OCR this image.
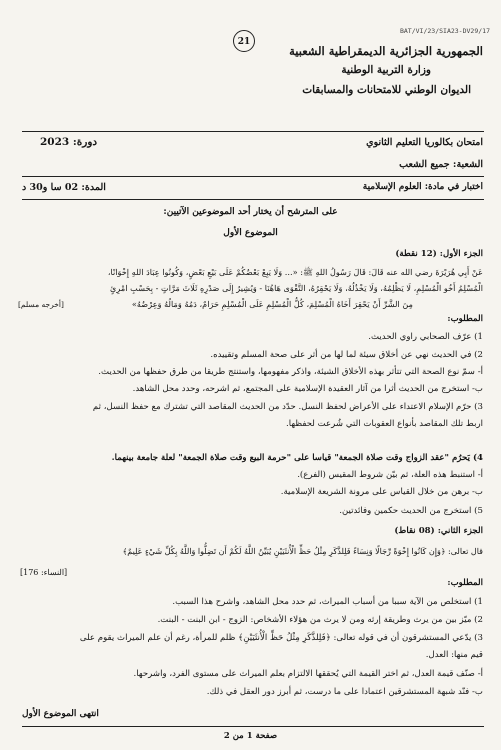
21
BAT/VI/23/SIA23-DV29/17
الجمهورية الجزائرية الديمقراطية الشعبية
وزارة التربية الوطنية
الديوان الوطني للامتحانات والمسابقات
امتحان بكالوريا التعليم الثانوي
دورة: 2023
الشعبة: جميع الشعب
اختبار في مادة: العلوم الإسلامية
المدة: 02 سا و30 د
على المترشح أن يختار أحد الموضوعين الآتيين:
الموضوع الأول
الجزء الأول: (12 نقطة)
عَنْ أَبِي هُرَيْرَةَ رضي الله عنه قَالَ: قَالَ رَسُولُ اللهِ ﷺ: «... وَلَا يَبِعْ بَعْضُكُمْ عَلَى بَيْعِ بَعْضٍ، وَكُونُوا عِبَادَ اللهِ إِخْوَانًا،
الْمُسْلِمُ أَخُو الْمُسْلِمِ، لَا يَظْلِمُهُ، وَلَا يَخْذُلُهُ، وَلَا يَحْقِرُهُ، التَّقْوَى هَاهُنَا - وَيُشِيرُ إِلَى صَدْرِهِ ثَلَاثَ مَرَّاتٍ - بِحَسْبِ امْرِئٍ
مِنَ الشَّرِّ أَنْ يَحْقِرَ أَخَاهُ الْمُسْلِمَ، كُلُّ الْمُسْلِمِ عَلَى الْمُسْلِمِ حَرَامٌ، دَمُهُ وَمَالُهُ وَعِرْضُهُ»
[أخرجه مسلم]
المطلوب:
1) عرّف الصحابي راوي الحديث.
2) في الحديث نهي عن أخلاق سيئة لما لها من أثر على صحة المسلم وتقييده.
أ- سمّ نوع الصحة التي تتأثر بهذه الأخلاق الشيئة، واذكر مفهومها، واستنتج طريقا من طرق حفظها من الحديث.
ب- استخرج من الحديث أثرا من آثار العقيدة الإسلامية على المجتمع، ثم اشرحه، وحدد محل الشاهد.
3) حرّم الإسلام الاعتداء على الأعراض لحفظ النسل. حدّد من الحديث المقاصد التي تشترك مع حفظ النسل، ثم
اربط تلك المقاصد بأنواع العقوبات التي شُرعت لحفظها.
4) يَحرُم "عقد الزواج وقت صلاة الجمعة" قياسا على "حرمة البيع وقت صلاة الجمعة" لعلة جامعة بينهما.
أ- استنبط هذه العلة، ثم بيّن شروط المقيس (الفرع).
ب- برهن من خلال القياس على مرونة الشريعة الإسلامية.
5) استخرج من الحديث حكمين وفائدتين.
الجزء الثاني: (08 نقاط)
قال تعالى: ﴿وَإِن كَانُوا إِخْوَةً رِّجَالًا وَنِسَاءً فَلِلذَّكَرِ مِثْلُ حَظِّ الْأُنثَيَيْنِ يُبَيِّنُ اللَّهُ لَكُمْ أَن تَضِلُّوا وَاللَّهُ بِكُلِّ شَيْءٍ عَلِيمٌ﴾
[النساء: 176]
المطلوب:
1) استخلص من الآية سببا من أسباب الميراث، ثم حدد محل الشاهد، واشرح هذا السبب.
2) ميّز بين من يرث وطريقة إرثه ومن لا يرث من هؤلاء الأشخاص: الزوج - ابن البنت - البنت.
3) يدّعي المستشرقون أن في قوله تعالى: ﴿فَلِلذَّكَرِ مِثْلُ حَظِّ الْأُنثَيَيْنِ﴾ ظلم للمرأة، رغم أن علم الميراث يقوم على
قيم منها: العدل.
أ- صنّف قيمة العدل، ثم اختر القيمة التي يُحققها الالتزام بعلم الميراث على مستوى الفرد، واشرحها.
ب- فنّد شبهة المستشرقين اعتمادا على ما درست، ثم أبرز دور العقل في ذلك.
انتهى الموضوع الأول
صفحة 1 من 2
